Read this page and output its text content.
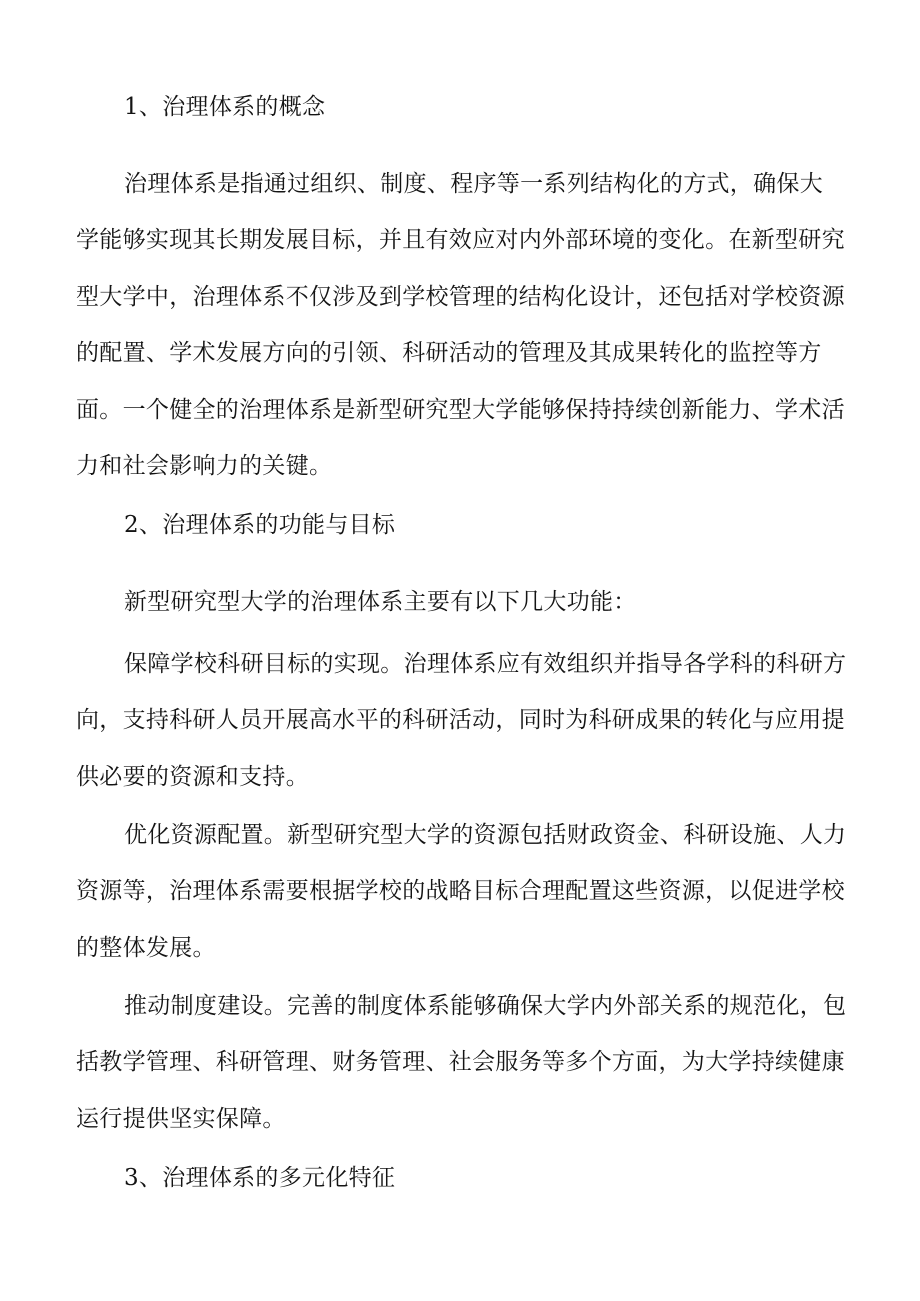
1、治理体系的概念
治理体系是指通过组织、制度、程序等一系列结构化的方式，确保大
学能够实现其长期发展目标，并且有效应对内外部环境的变化。在新型研究
型大学中，治理体系不仅涉及到学校管理的结构化设计，还包括对学校资源
的配置、学术发展方向的引领、科研活动的管理及其成果转化的监控等方
面。一个健全的治理体系是新型研究型大学能够保持持续创新能力、学术活
力和社会影响力的关键。
2、治理体系的功能与目标
新型研究型大学的治理体系主要有以下几大功能：
保障学校科研目标的实现。治理体系应有效组织并指导各学科的科研方
向，支持科研人员开展高水平的科研活动，同时为科研成果的转化与应用提
供必要的资源和支持。
优化资源配置。新型研究型大学的资源包括财政资金、科研设施、人力
资源等，治理体系需要根据学校的战略目标合理配置这些资源，以促进学校
的整体发展。
推动制度建设。完善的制度体系能够确保大学内外部关系的规范化，包
括教学管理、科研管理、财务管理、社会服务等多个方面，为大学持续健康
运行提供坚实保障。
3、治理体系的多元化特征
